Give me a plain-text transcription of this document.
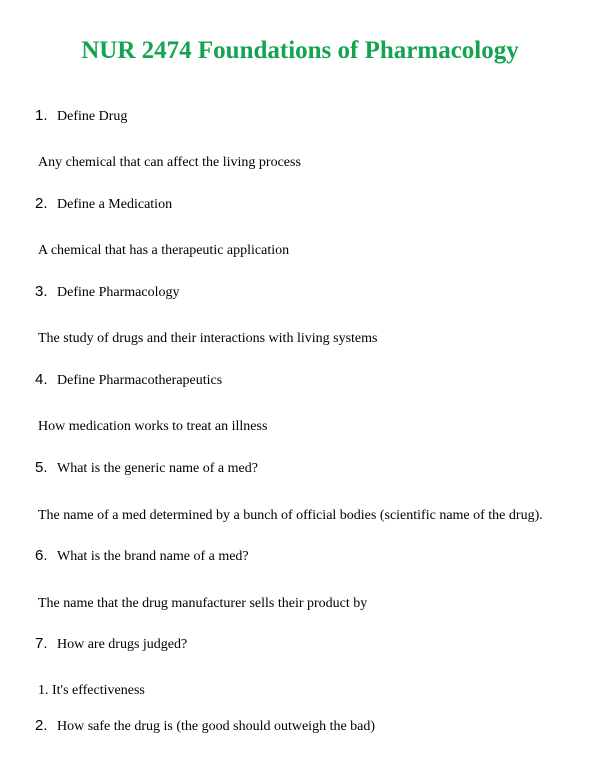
NUR 2474 Foundations of Pharmacology
1. Define Drug
Any chemical that can affect the living process
2. Define a Medication
A chemical that has a therapeutic application
3. Define Pharmacology
The study of drugs and their interactions with living systems
4. Define Pharmacotherapeutics
How medication works to treat an illness
5. What is the generic name of a med?
The name of a med determined by a bunch of official bodies (scientific name of the drug).
6. What is the brand name of a med?
The name that the drug manufacturer sells their product by
7. How are drugs judged?
1. It's effectiveness
2. How safe the drug is (the good should outweigh the bad)
